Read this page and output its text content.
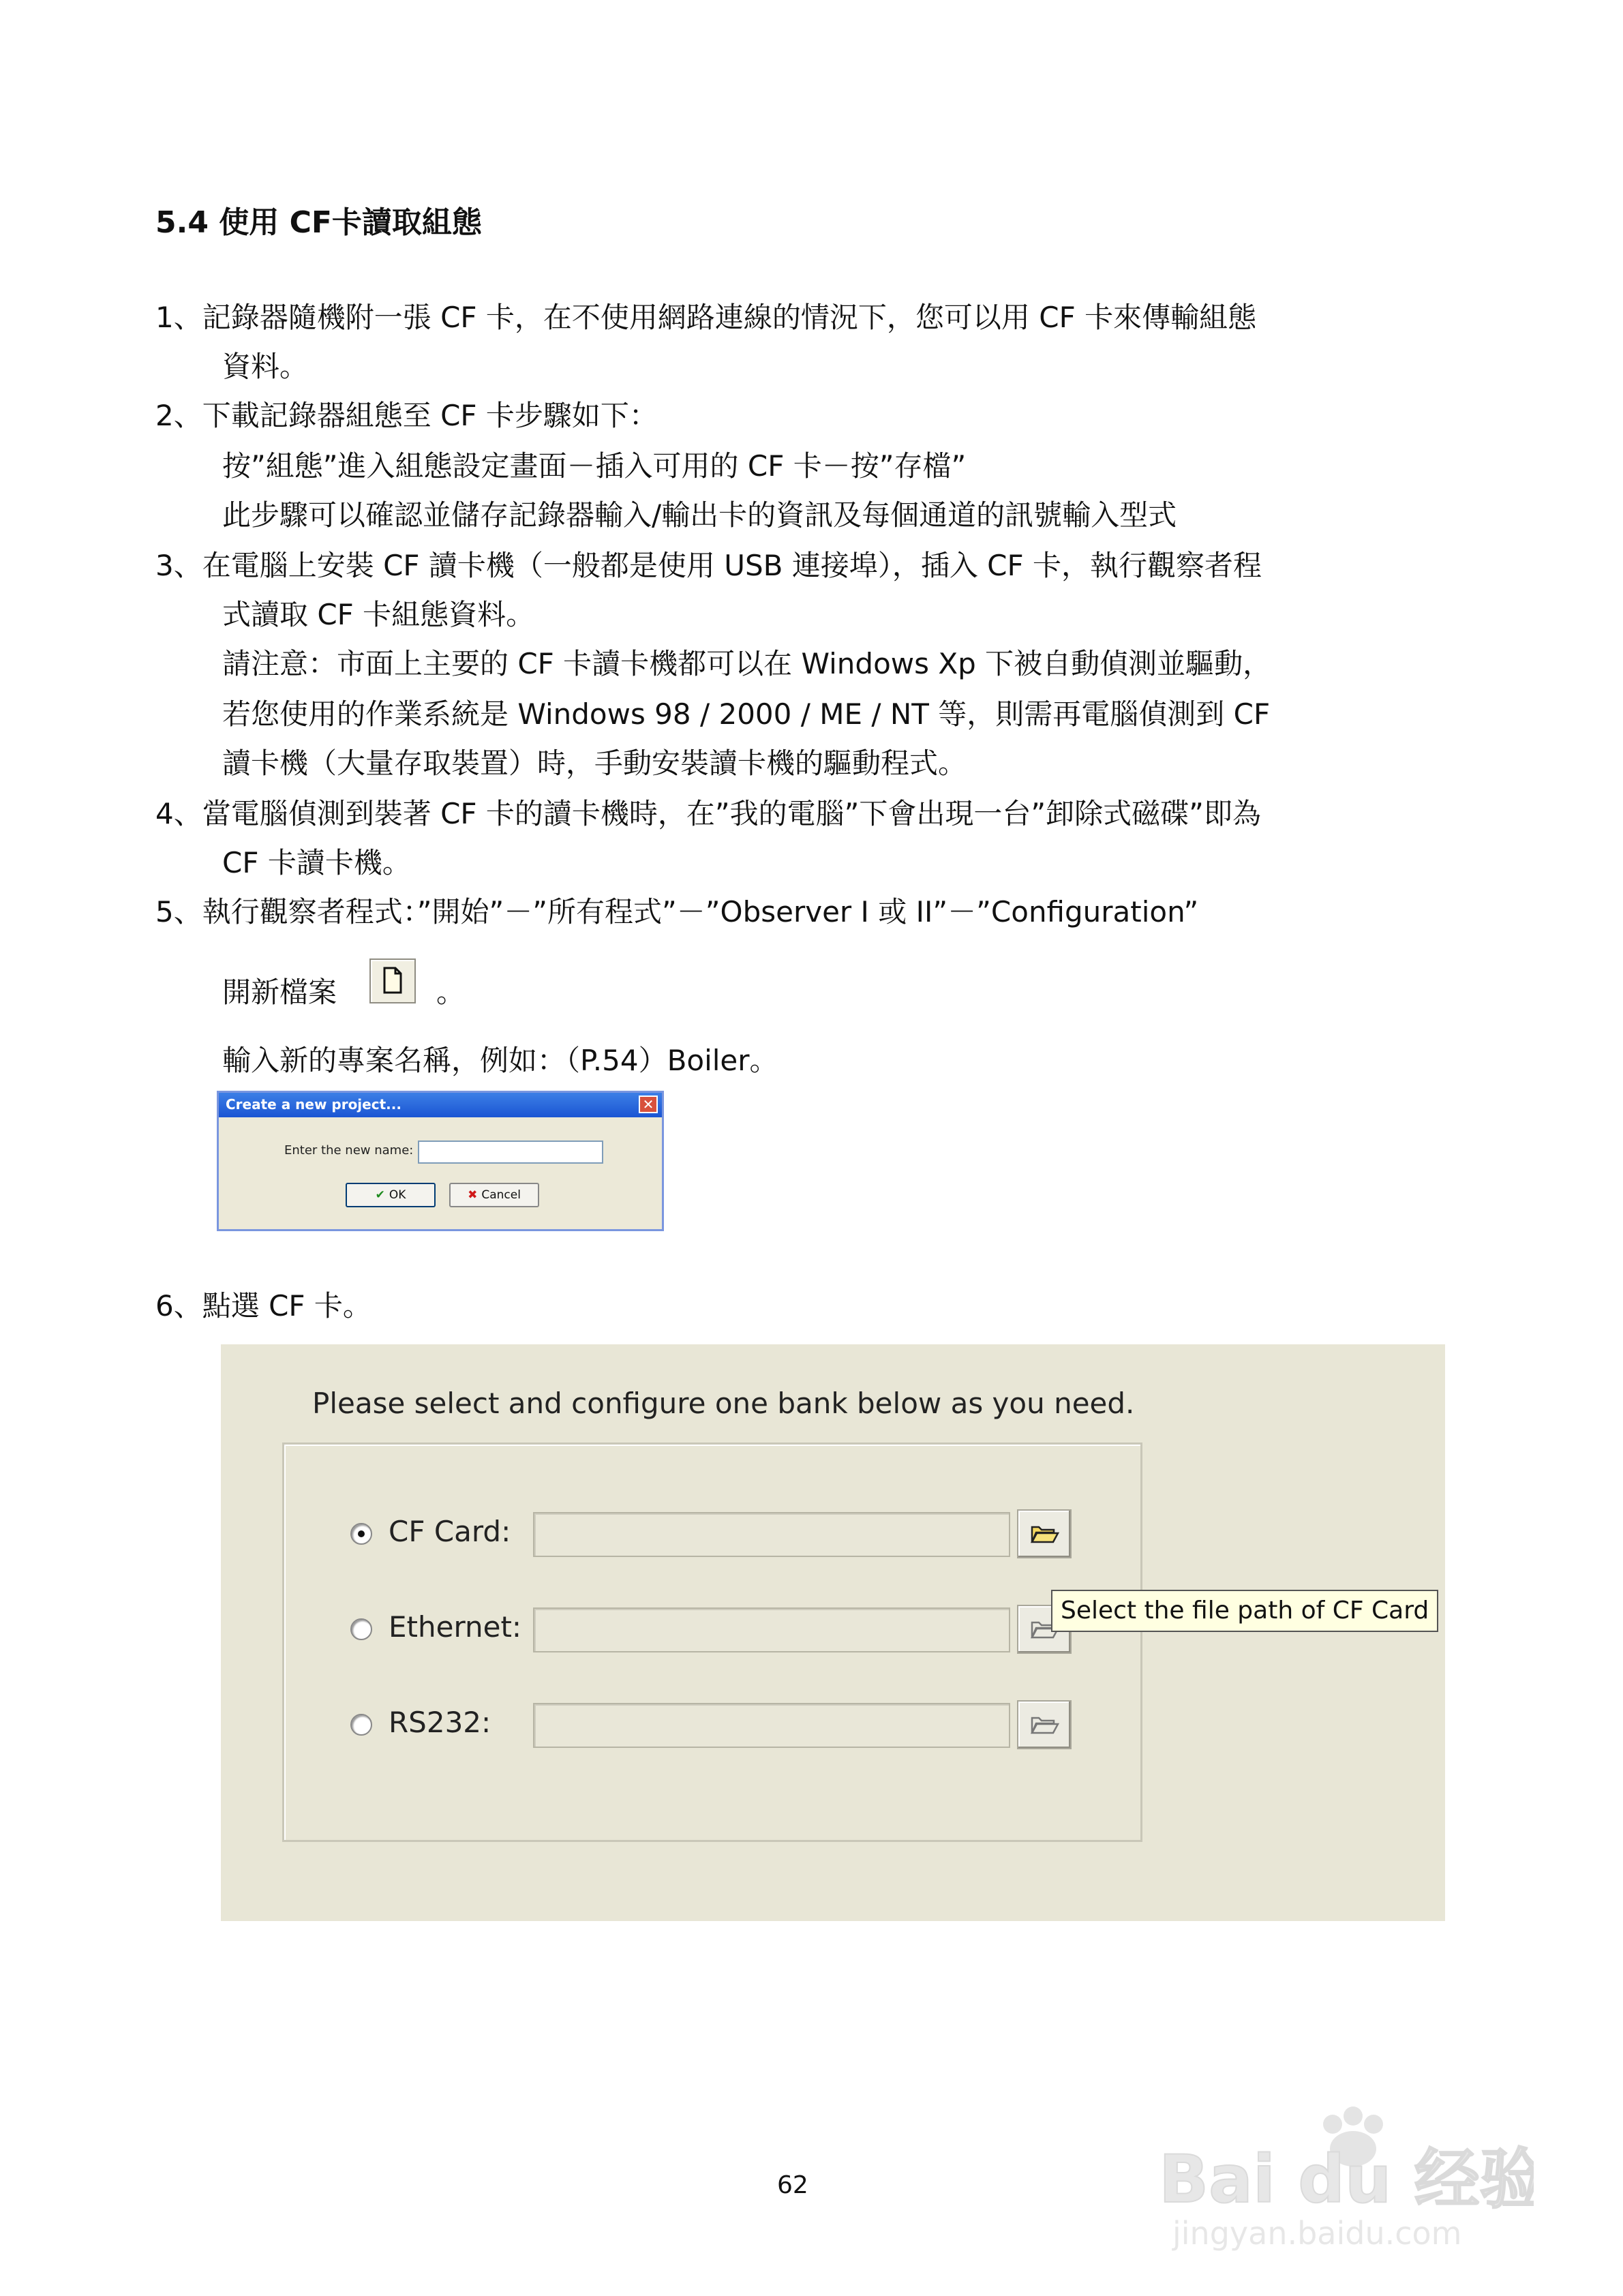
5.4 使用 CF卡讀取組態
1、記錄器隨機附一張 CF 卡，在不使用網路連線的情況下，您可以用 CF 卡來傳輸組態
資料。
2、下載記錄器組態至 CF 卡步驟如下：
按”組態”進入組態設定畫面－插入可用的 CF 卡－按”存檔”
此步驟可以確認並儲存記錄器輸入/輸出卡的資訊及每個通道的訊號輸入型式
3、在電腦上安裝 CF 讀卡機（一般都是使用 USB 連接埠），插入 CF 卡，執行觀察者程
式讀取 CF 卡組態資料。
請注意：市面上主要的 CF 卡讀卡機都可以在 Windows Xp 下被自動偵測並驅動，
若您使用的作業系統是 Windows 98 / 2000 / ME / NT 等，則需再電腦偵測到 CF
讀卡機（大量存取裝置）時，手動安裝讀卡機的驅動程式。
4、當電腦偵測到裝著 CF 卡的讀卡機時，在”我的電腦”下會出現一台”卸除式磁碟”即為
CF 卡讀卡機。
5、執行觀察者程式：”開始”－”所有程式”－”Observer I 或 II”－”Configuration”
開新檔案	。
輸入新的專案名稱，例如：（P.54）Boiler。
Create a new project...	✕
Enter the new name:
✔ OK	✖ Cancel
6、點選 CF 卡。
Please select and configure one bank below as you need.
CF Card:
Ethernet:
RS232:
Select the file path of CF Card
62	Bai du 经验
jingyan.baidu.com
